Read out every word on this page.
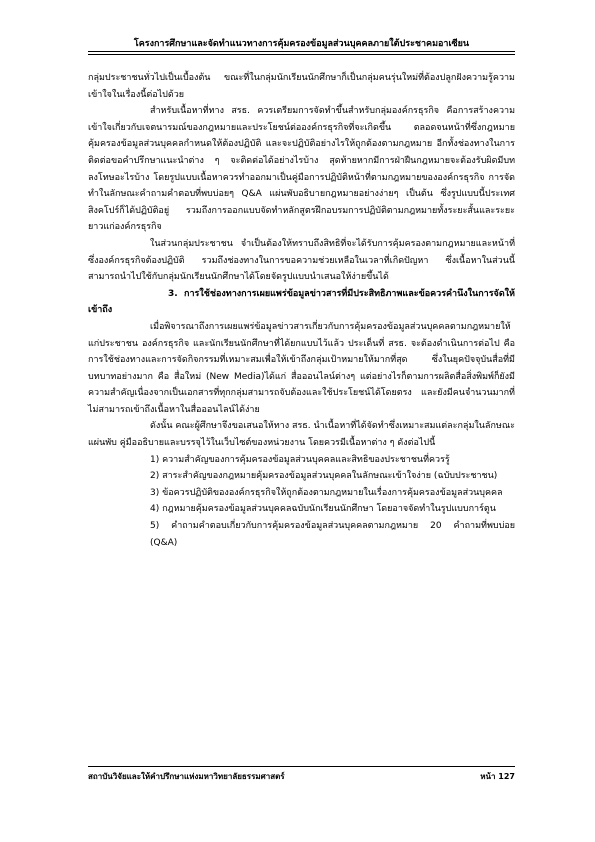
โครงการศึกษาและจัดทำแนวทางการคุ้มครองข้อมูลส่วนบุคคลภายใต้ประชาคมอาเซียน

กลุ่มประชาชนทั่วไปเป็นเบื้องต้น ขณะที่ในกลุ่มนักเรียนนักศึกษาก็เป็นกลุ่มคนรุ่นใหม่ที่ต้องปลูกฝังความรู้ความเข้าใจในเรื่องนี้ต่อไปด้วย

สำหรับเนื้อหาที่ทาง สรธ. ควรเตรียมการจัดทำขึ้นสำหรับกลุ่มองค์กรธุรกิจ คือการสร้างความเข้าใจเกี่ยวกับเจตนารมณ์ของกฎหมายและประโยชน์ต่อองค์กรธุรกิจที่จะเกิดขึ้น ตลอดจนหน้าที่ซึ่งกฎหมายคุ้มครองข้อมูลส่วนบุคคลกำหนดให้ต้องปฏิบัติ และจะปฏิบัติอย่างไรให้ถูกต้องตามกฎหมาย อีกทั้งช่องทางในการติดต่อขอคำปรึกษาแนะนำต่าง ๆ จะติดต่อได้อย่างไรบ้าง สุดท้ายหากมีการฝ่าฝืนกฎหมายจะต้องรับผิดมีบทลงโทษอะไรบ้าง โดยรูปแบบเนื้อหาควรทำออกมาเป็นคู่มือการปฏิบัติหน้าที่ตามกฎหมายขององค์กรธุรกิจ การจัดทำในลักษณะคำถามคำตอบที่พบบ่อยๆ Q&A แผ่นพับอธิบายกฎหมายอย่างง่ายๆ เป็นต้น ซึ่งรูปแบบนี้ประเทศสิงคโปร์ก็ได้ปฏิบัติอยู่ รวมถึงการออกแบบจัดทำหลักสูตรฝึกอบรมการปฏิบัติตามกฎหมายทั้งระยะสั้นและระยะยาวแก่องค์กรธุรกิจ

ในส่วนกลุ่มประชาชน จำเป็นต้องให้ทราบถึงสิทธิที่จะได้รับการคุ้มครองตามกฎหมายและหน้าที่ซึ่งองค์กรธุรกิจต้องปฏิบัติ รวมถึงช่องทางในการขอความช่วยเหลือในเวลาที่เกิดปัญหา ซึ่งเนื้อหาในส่วนนี้สามารถนำไปใช้กับกลุ่มนักเรียนนักศึกษาได้โดยจัดรูปแบบนำเสนอให้ง่ายขึ้นได้

3. การใช้ช่องทางการเผยแพร่ข้อมูลข่าวสารที่มีประสิทธิภาพและข้อควรคำนึงในการจัดให้เข้าถึง

เมื่อพิจารณาถึงการเผยแพร่ข้อมูลข่าวสารเกี่ยวกับการคุ้มครองข้อมูลส่วนบุคคลตามกฎหมายให้แก่ประชาชน องค์กรธุรกิจ และนักเรียนนักศึกษาที่ได้ยกแบบไว้แล้ว ประเด็นที่ สรธ. จะต้องดำเนินการต่อไป คือการใช้ช่องทางและการจัดกิจกรรมที่เหมาะสมเพื่อให้เข้าถึงกลุ่มเป้าหมายให้มากที่สุด ซึ่งในยุคปัจจุบันสื่อที่มีบทบาทอย่างมาก คือ สื่อใหม่ (New Media)ได้แก่ สื่อออนไลน์ต่างๆ แต่อย่างไรก็ตามการผลิตสื่อสิ่งพิมพ์ก็ยังมีความสำคัญเนื่องจากเป็นเอกสารที่ทุกกลุ่มสามารถจับต้องและใช้ประโยชน์ได้โดยตรง และยังมีคนจำนวนมากที่ไม่สามารถเข้าถึงเนื้อหาในสื่อออนไลน์ได้ง่าย

ดังนั้น คณะผู้ศึกษาจึงขอเสนอให้ทาง สรธ. นำเนื้อหาที่ได้จัดทำซึ่งเหมาะสมแต่ละกลุ่มในลักษณะแผ่นพับ คู่มืออธิบายและบรรจุไว้ในเว็บไซต์ของหน่วยงาน โดยควรมีเนื้อหาต่าง ๆ ดังต่อไปนี้

1) ความสำคัญของการคุ้มครองข้อมูลส่วนบุคคลและสิทธิของประชาชนที่ควรรู้

2) สาระสำคัญของกฎหมายคุ้มครองข้อมูลส่วนบุคคลในลักษณะเข้าใจง่าย (ฉบับประชาชน)

3) ข้อควรปฏิบัติขององค์กรธุรกิจให้ถูกต้องตามกฎหมายในเรื่องการคุ้มครองข้อมูลส่วนบุคคล

4) กฎหมายคุ้มครองข้อมูลส่วนบุคคลฉบับนักเรียนนักศึกษา โดยอาจจัดทำในรูปแบบการ์ตูน

5) คำถามคำตอบเกี่ยวกับการคุ้มครองข้อมูลส่วนบุคคลตามกฎหมาย 20 คำถามที่พบบ่อย (Q&A)

สถาบันวิจัยและให้คำปรึกษาแห่งมหาวิทยาลัยธรรมศาสตร์	หน้า 127
